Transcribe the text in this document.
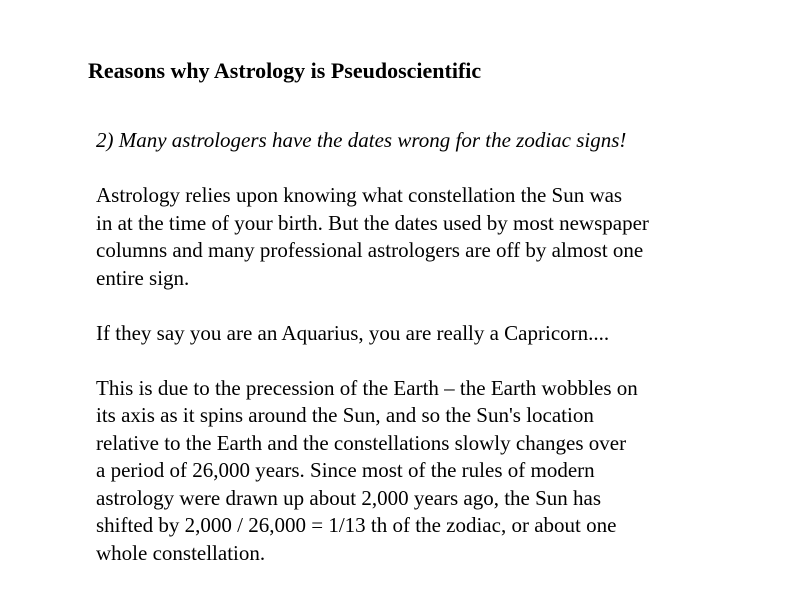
Reasons why Astrology is Pseudoscientific

2) Many astrologers have the dates wrong for the zodiac signs!

Astrology relies upon knowing what constellation the Sun was
in at the time of your birth. But the dates used by most newspaper
columns and many professional astrologers are off by almost one
entire sign.

If they say you are an Aquarius, you are really a Capricorn....

This is due to the precession of the Earth – the Earth wobbles on
its axis as it spins around the Sun, and so the Sun's location
relative to the Earth and the constellations slowly changes over
a period of 26,000 years. Since most of the rules of modern
astrology were drawn up about 2,000 years ago, the Sun has
shifted by 2,000 / 26,000 = 1/13 th of the zodiac, or about one
whole constellation.
